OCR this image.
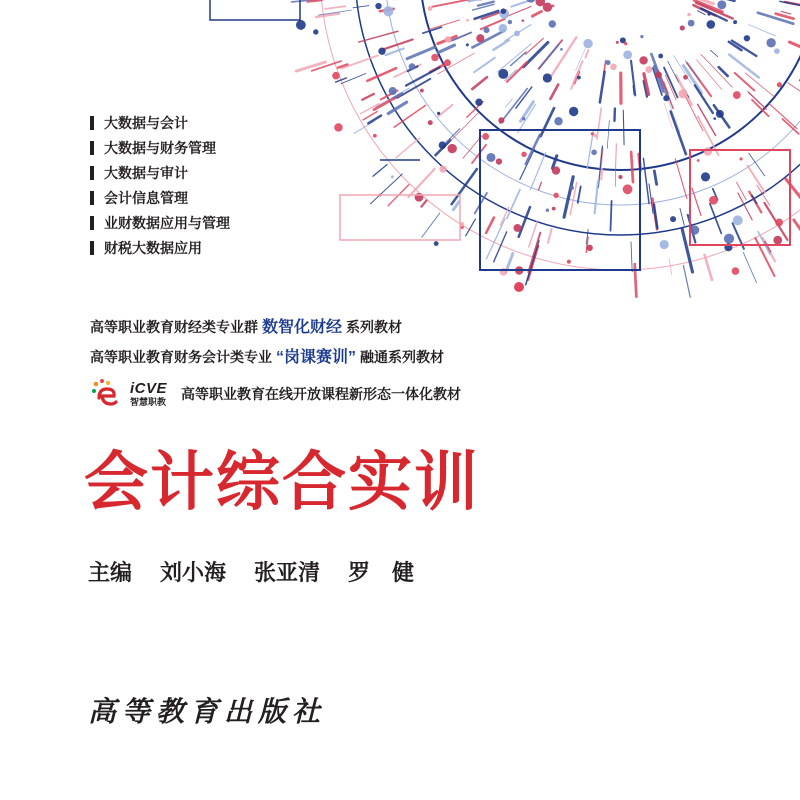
大数据与会计
大数据与财务管理
大数据与审计
会计信息管理
业财数据应用与管理
财税大数据应用
高等职业教育财经类专业群 数智化财经 系列教材
高等职业教育财务会计类专业 “岗课赛训” 融通系列教材
iCVE
智慧职教 高等职业教育在线开放课程新形态一体化教材
会计综合实训
主编 刘小海 张亚清 罗　健
高等教育出版社
